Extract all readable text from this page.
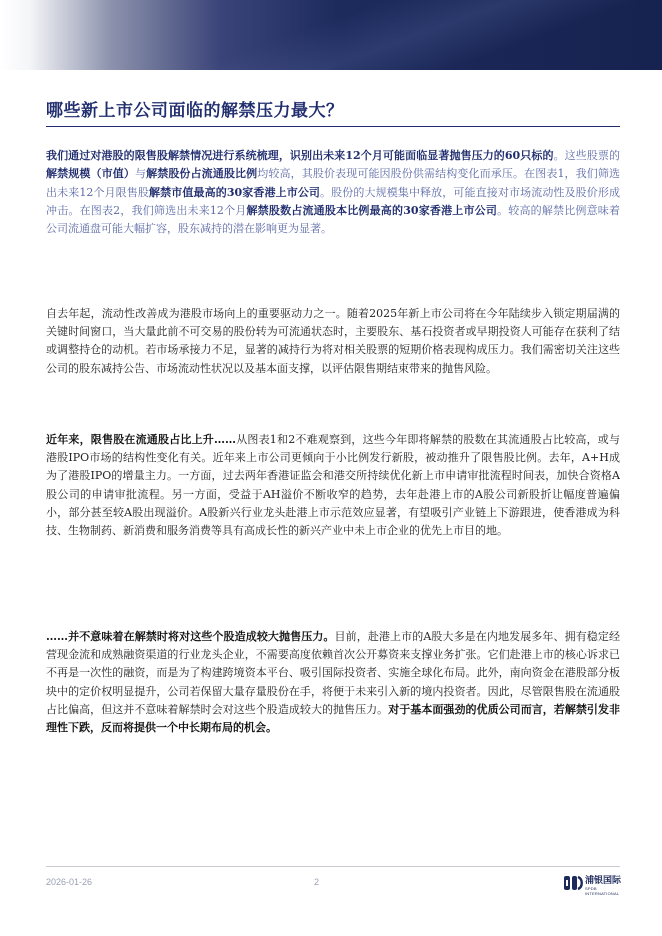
哪些新上市公司面临的解禁压力最大？
我们通过对港股的限售股解禁情况进行系统梳理，识别出未来12个月可能面临显著抛售压力的60只标的。这些股票的解禁规模（市值）与解禁股份占流通股比例均较高，其股价表现可能因股份供需结构变化而承压。在图表1，我们筛选出未来12个月限售股解禁市值最高的30家香港上市公司。股份的大规模集中释放，可能直接对市场流动性及股价形成冲击。在图表2，我们筛选出未来12个月解禁股数占流通股本比例最高的30家香港上市公司。较高的解禁比例意味着公司流通盘可能大幅扩容，股东减持的潜在影响更为显著。
自去年起，流动性改善成为港股市场向上的重要驱动力之一。随着2025年新上市公司将在今年陆续步入锁定期届满的关键时间窗口，当大量此前不可交易的股份转为可流通状态时，主要股东、基石投资者或早期投资人可能存在获利了结或调整持仓的动机。若市场承接力不足，显著的减持行为将对相关股票的短期价格表现构成压力。我们需密切关注这些公司的股东减持公告、市场流动性状况以及基本面支撑，以评估限售期结束带来的抛售风险。
近年来，限售股在流通股占比上升……从图表1和2不难观察到，这些今年即将解禁的股数在其流通股占比较高，或与港股IPO市场的结构性变化有关。近年来上市公司更倾向于小比例发行新股，被动推升了限售股比例。去年，A+H成为了港股IPO的增量主力。一方面，过去两年香港证监会和港交所持续优化新上市申请审批流程时间表，加快合资格A股公司的申请审批流程。另一方面，受益于AH溢价不断收窄的趋势，去年赴港上市的A股公司新股折让幅度普遍偏小，部分甚至较A股出现溢价。A股新兴行业龙头赴港上市示范效应显著，有望吸引产业链上下游跟进，使香港成为科技、生物制药、新消费和服务消费等具有高成长性的新兴产业中未上市企业的优先上市目的地。
……并不意味着在解禁时将对这些个股造成较大抛售压力。目前，赴港上市的A股大多是在内地发展多年、拥有稳定经营现金流和成熟融资渠道的行业龙头企业，不需要高度依赖首次公开募资来支撑业务扩张。它们赴港上市的核心诉求已不再是一次性的融资，而是为了构建跨境资本平台、吸引国际投资者、实施全球化布局。此外，南向资金在港股部分板块中的定价权明显提升，公司若保留大量存量股份在手，将便于未来引入新的境内投资者。因此，尽管限售股在流通股占比偏高，但这并不意味着解禁时会对这些个股造成较大的抛售压力。对于基本面强劲的优质公司而言，若解禁引发非理性下跌，反而将提供一个中长期布局的机会。
2026-01-26	2	浦银国际
SPDB INTERNATIONAL
